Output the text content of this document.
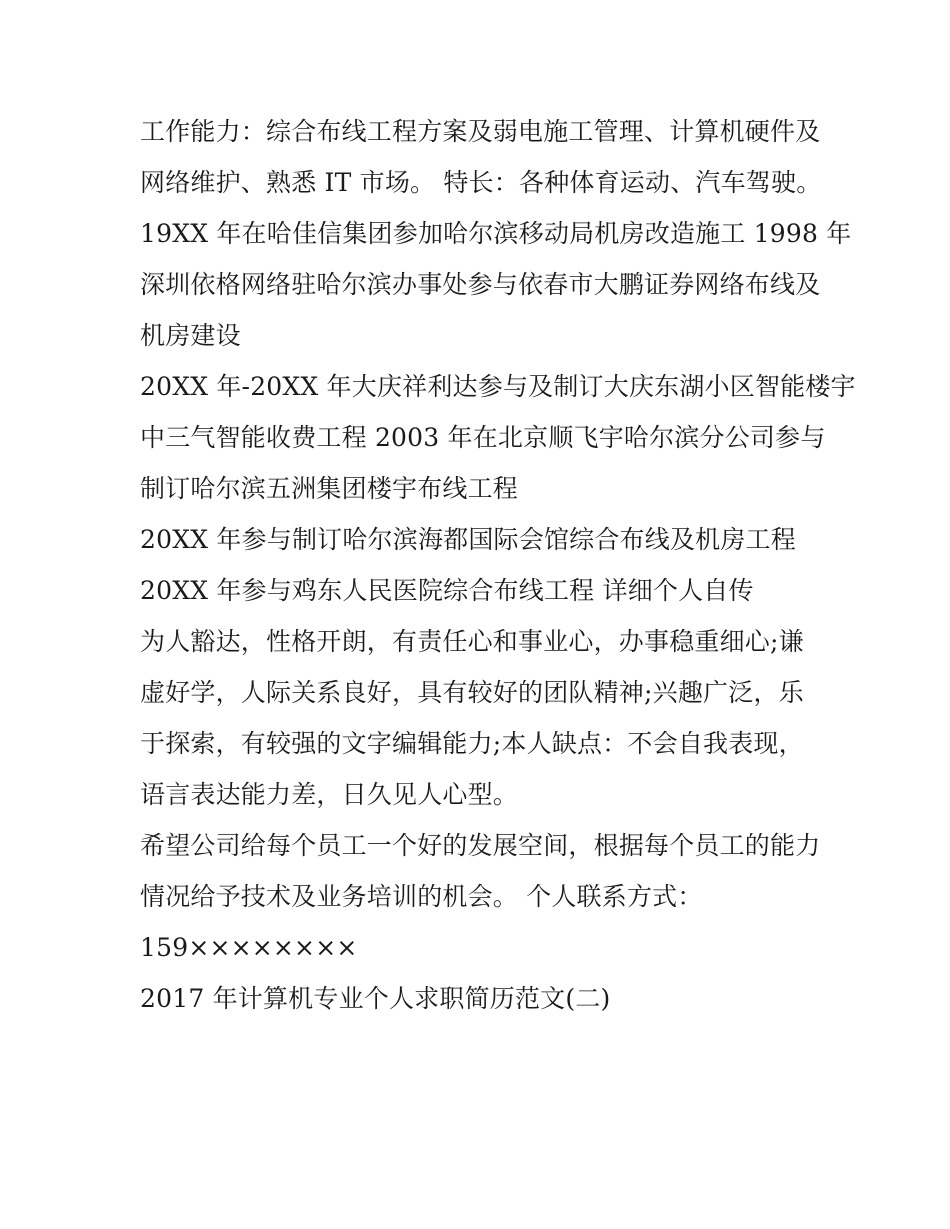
工作能力：综合布线工程方案及弱电施工管理、计算机硬件及
网络维护、熟悉 IT 市场。 特长：各种体育运动、汽车驾驶。
19XX 年在哈佳信集团参加哈尔滨移动局机房改造施工 1998 年
深圳依格网络驻哈尔滨办事处参与依春市大鹏证券网络布线及
机房建设
20XX 年-20XX 年大庆祥利达参与及制订大庆东湖小区智能楼宇
中三气智能收费工程 2003 年在北京顺飞宇哈尔滨分公司参与
制订哈尔滨五洲集团楼宇布线工程
20XX 年参与制订哈尔滨海都国际会馆综合布线及机房工程
20XX 年参与鸡东人民医院综合布线工程 详细个人自传
为人豁达，性格开朗，有责任心和事业心，办事稳重细心;谦
虚好学，人际关系良好，具有较好的团队精神;兴趣广泛，乐
于探索，有较强的文字编辑能力;本人缺点：不会自我表现，
语言表达能力差，日久见人心型。
希望公司给每个员工一个好的发展空间，根据每个员工的能力
情况给予技术及业务培训的机会。 个人联系方式：
159××××××××
2017 年计算机专业个人求职简历范文(二)
